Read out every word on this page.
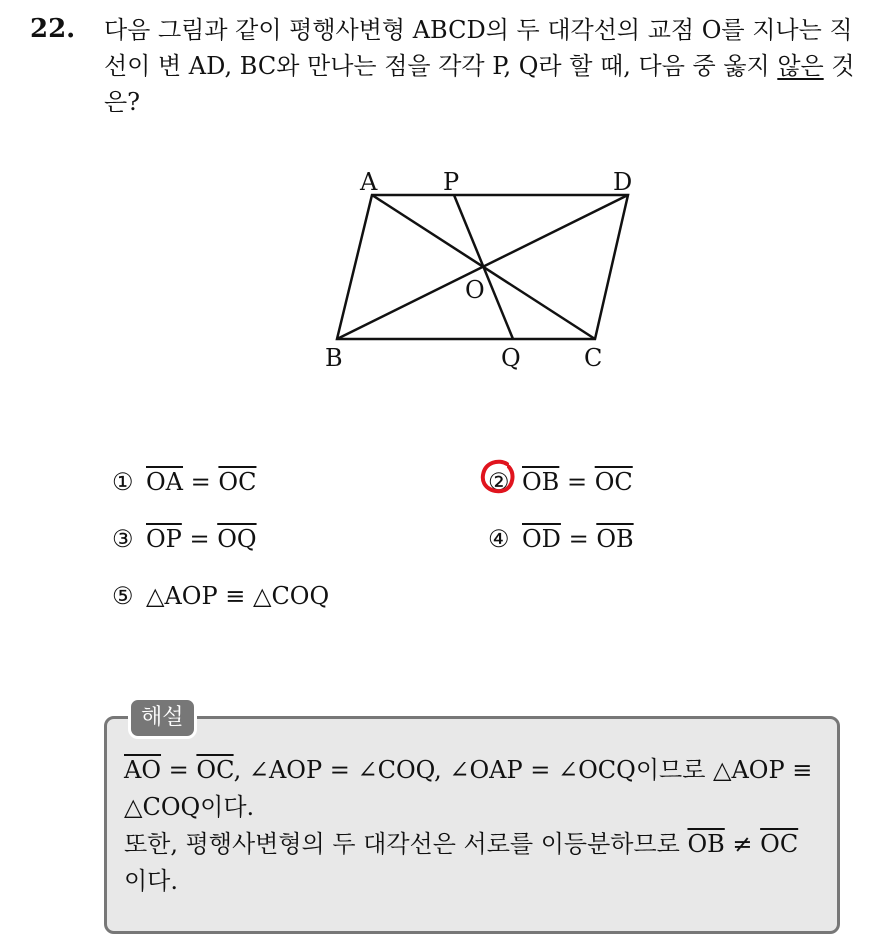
22. 다음 그림과 같이 평행사변형 ABCD의 두 대각선의 교점 O를 지나는 직선이 변 AD, BC와 만나는 점을 각각 P, Q라 할 때, 다음 중 옳지 않은 것은?
A	P	D
O
B	Q	C
① $\overline{OA} = \overline{OC}$	② $\overline{OB} = \overline{OC}$
③ $\overline{OP} = \overline{OQ}$	④ $\overline{OD} = \overline{OB}$
⑤ △AOP ≡ △COQ
해설
$\overline{AO} = \overline{OC}$, ∠AOP = ∠COQ, ∠OAP = ∠OCQ이므로 △AOP ≡
△COQ이다.
또한, 평행사변형의 두 대각선은 서로를 이등분하므로 $\overline{OB} \ne \overline{OC}$
이다.
